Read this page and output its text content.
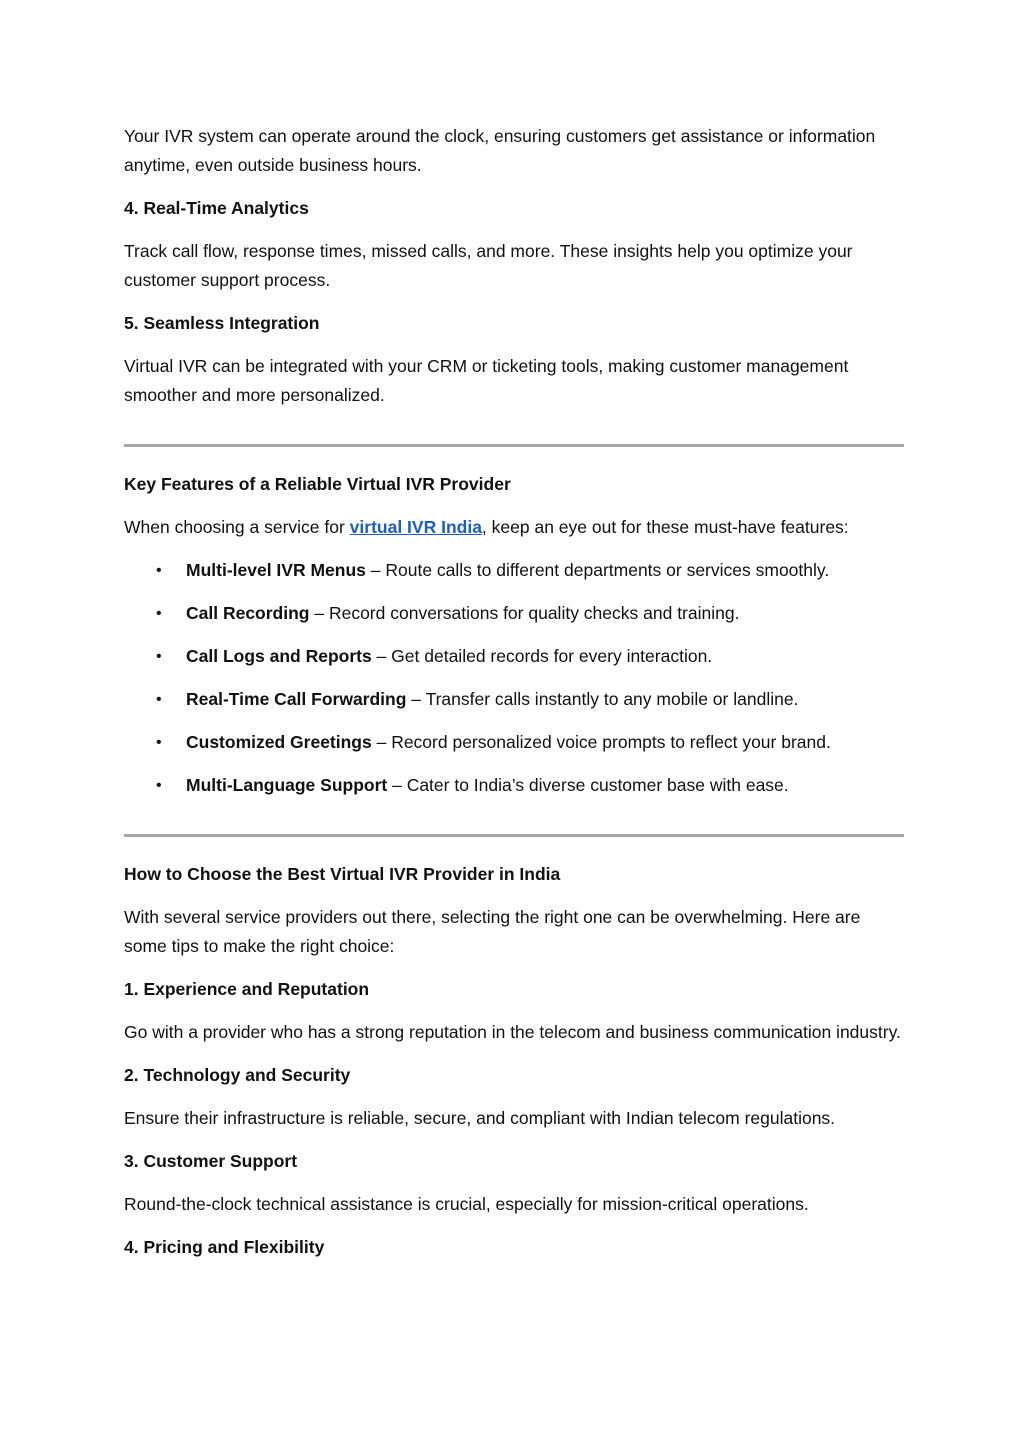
Your IVR system can operate around the clock, ensuring customers get assistance or information anytime, even outside business hours.

4. Real-Time Analytics

Track call flow, response times, missed calls, and more. These insights help you optimize your customer support process.

5. Seamless Integration

Virtual IVR can be integrated with your CRM or ticketing tools, making customer management smoother and more personalized.

Key Features of a Reliable Virtual IVR Provider

When choosing a service for virtual IVR India, keep an eye out for these must-have features:

• Multi-level IVR Menus – Route calls to different departments or services smoothly.
• Call Recording – Record conversations for quality checks and training.
• Call Logs and Reports – Get detailed records for every interaction.
• Real-Time Call Forwarding – Transfer calls instantly to any mobile or landline.
• Customized Greetings – Record personalized voice prompts to reflect your brand.
• Multi-Language Support – Cater to India’s diverse customer base with ease.

How to Choose the Best Virtual IVR Provider in India

With several service providers out there, selecting the right one can be overwhelming. Here are some tips to make the right choice:

1. Experience and Reputation

Go with a provider who has a strong reputation in the telecom and business communication industry.

2. Technology and Security

Ensure their infrastructure is reliable, secure, and compliant with Indian telecom regulations.

3. Customer Support

Round-the-clock technical assistance is crucial, especially for mission-critical operations.

4. Pricing and Flexibility
